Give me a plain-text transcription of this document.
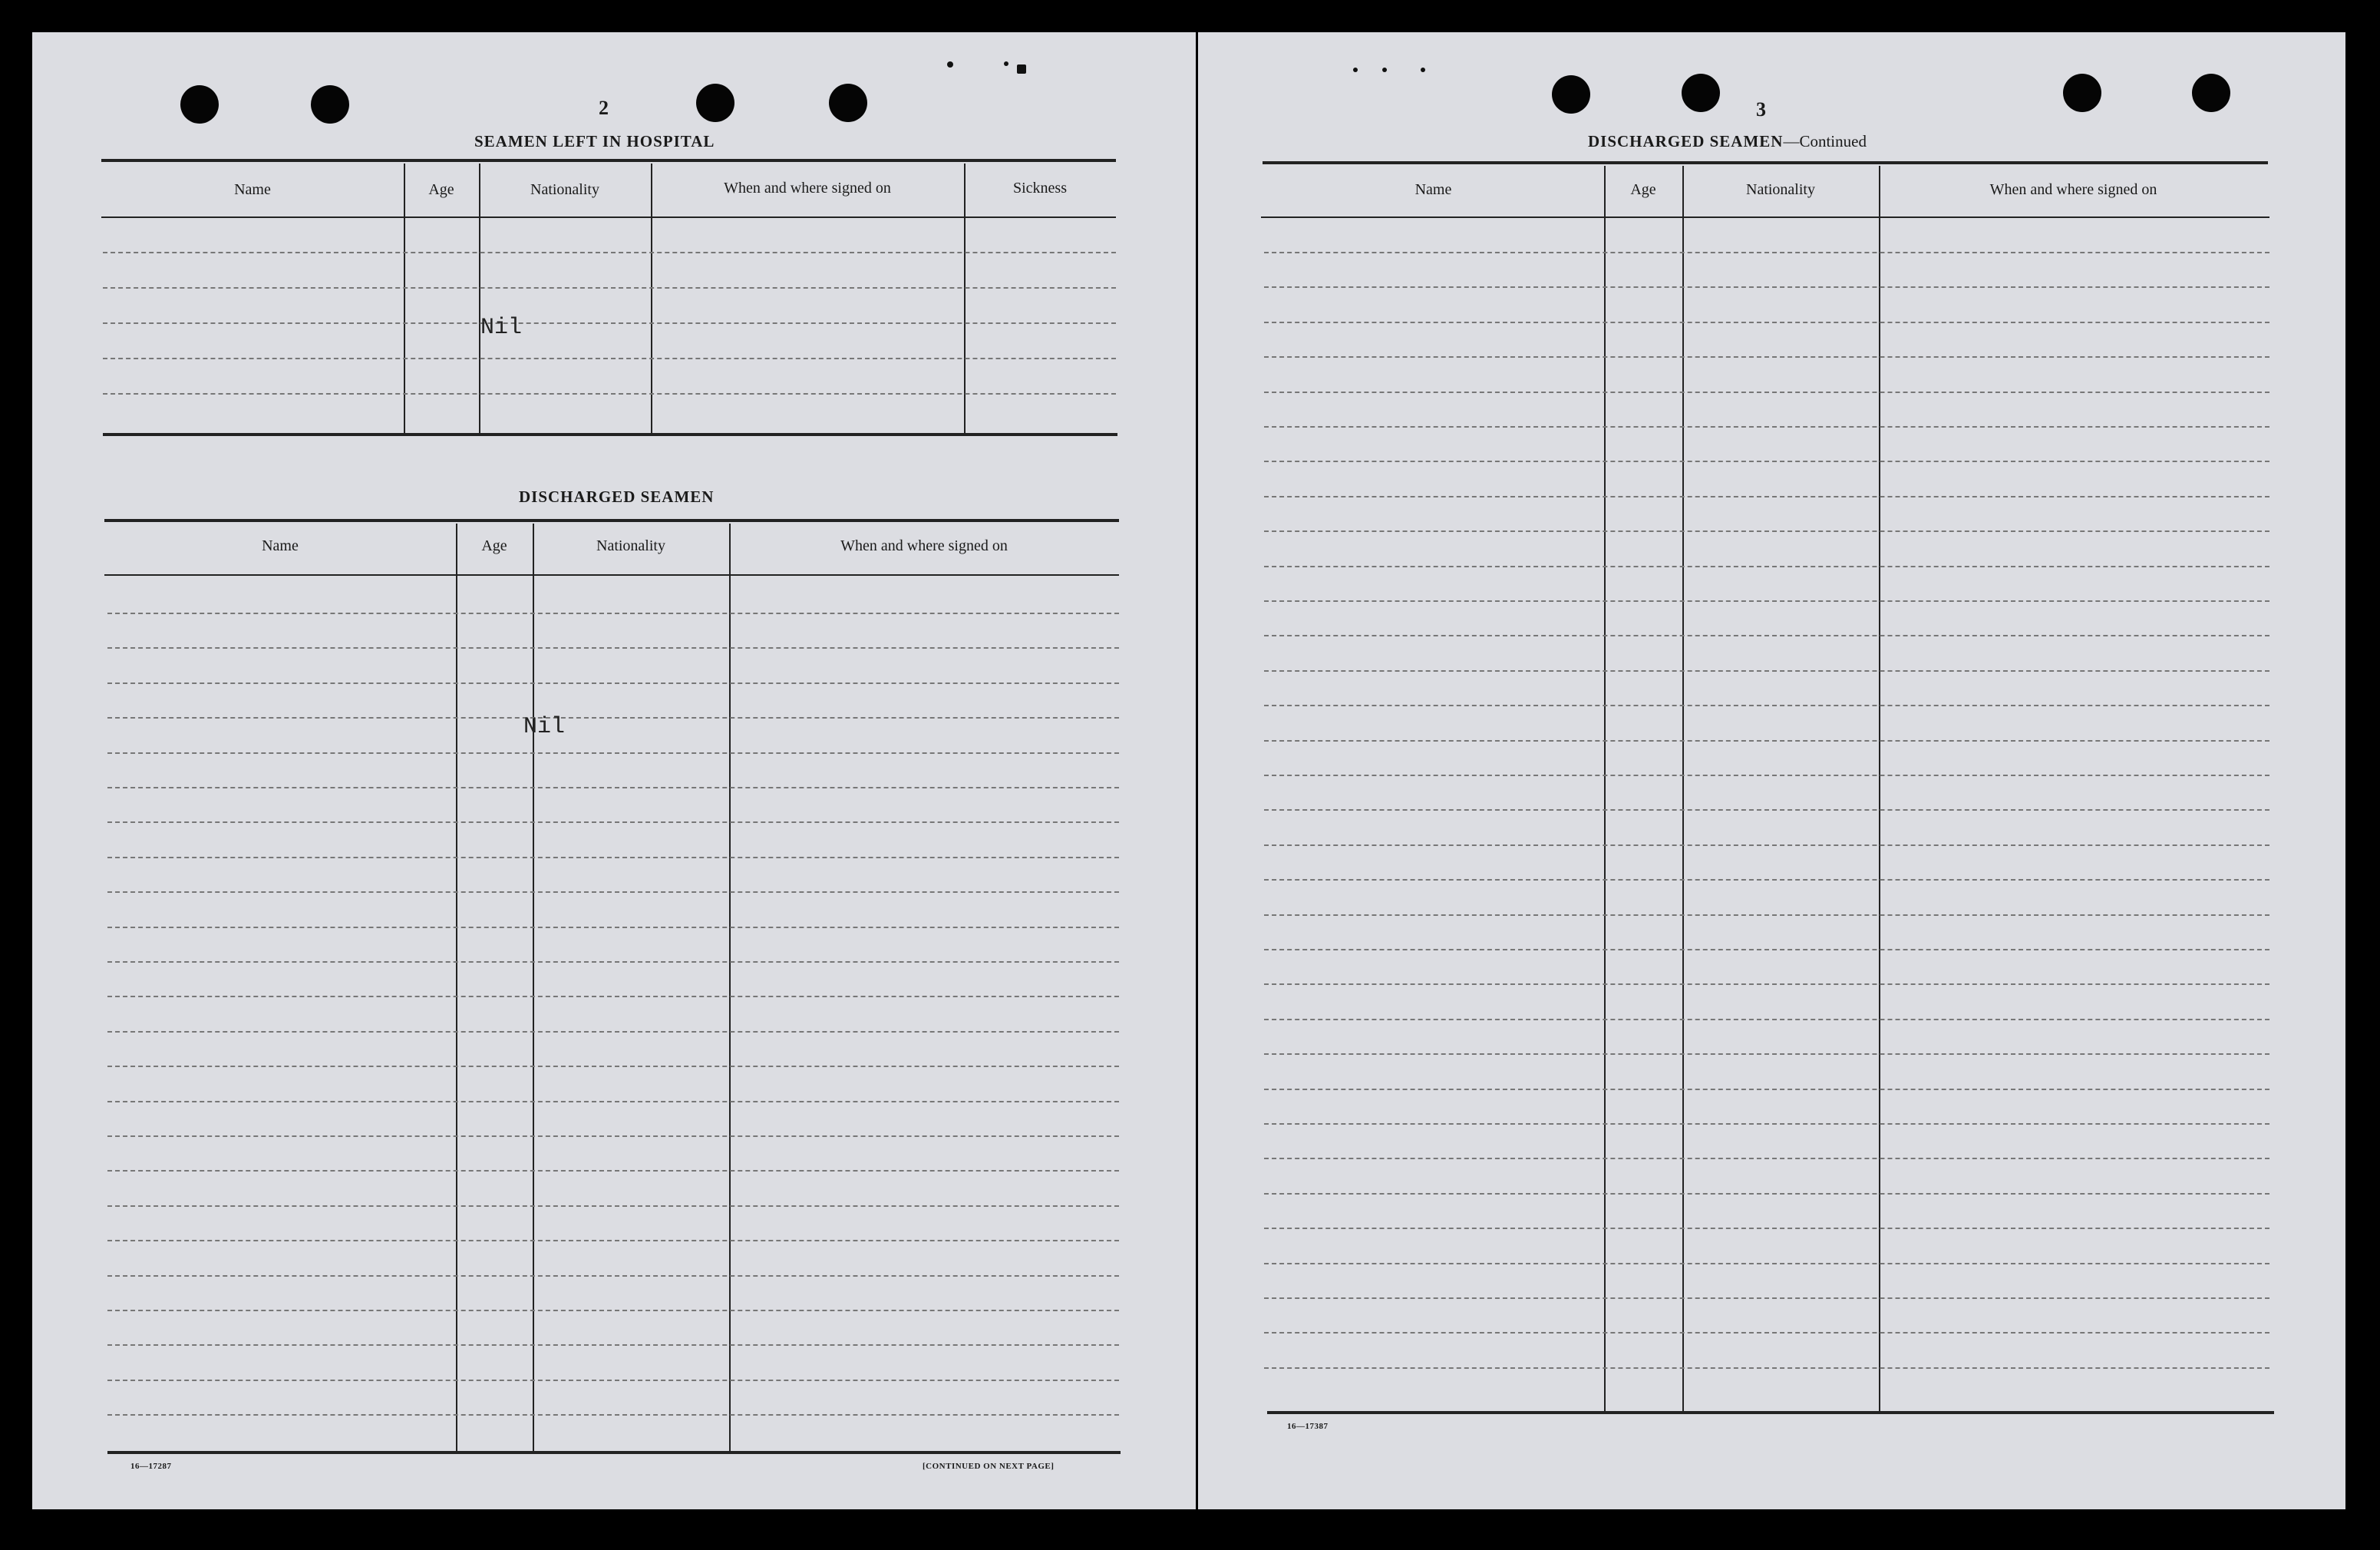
2
SEAMEN LEFT IN HOSPITAL
Name	Age	Nationality	When and where signed on	Sickness
Nil
DISCHARGED SEAMEN
Name	Age	Nationality	When and where signed on
Nil
16—17287	[CONTINUED ON NEXT PAGE]
3
DISCHARGED SEAMEN—Continued
Name	Age	Nationality	When and where signed on
16—17387
